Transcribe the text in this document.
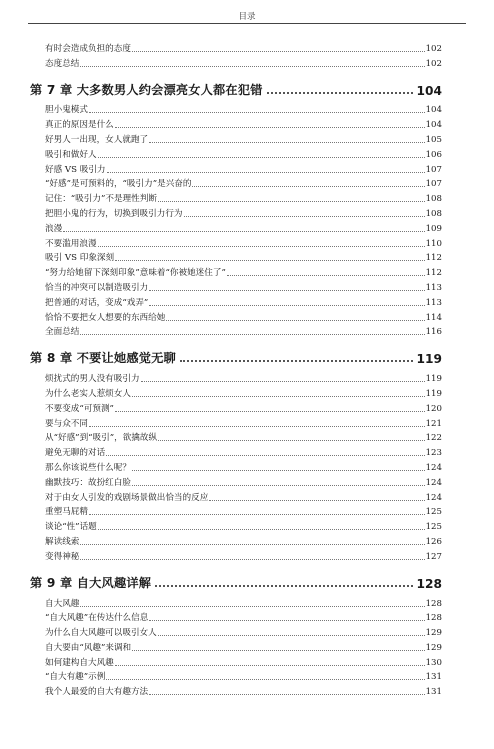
目录
有时会造成负担的态度	102
态度总结	102
第 7 章 大多数男人约会漂亮女人都在犯错	104
胆小鬼模式	104
真正的原因是什么	104
好男人一出现，女人就跑了	105
吸引和做好人	106
好感 VS 吸引力	107
“好感”是可预料的，“吸引力”是兴奋的	107
记住：“吸引力”不是理性判断	108
把胆小鬼的行为，切换到吸引力行为	108
浪漫	109
不要滥用浪漫	110
吸引 VS 印象深刻	112
“努力给她留下深刻印象”意味着“你被她迷住了”	112
恰当的冲突可以制造吸引力	113
把普通的对话，变成“戏弄”	113
恰恰不要把女人想要的东西给她	114
全面总结	116
第 8 章 不要让她感觉无聊	119
烦扰式的男人没有吸引力	119
为什么老实人惹烦女人	119
不要变成“可预测”	120
要与众不同	121
从“好感”到“吸引”，欲擒故纵	122
避免无聊的对话	123
那么你该说些什么呢？	124
幽默技巧：故扮红白脸	124
对于由女人引发的戏剧场景做出恰当的反应	124
重塑马屁精	125
谈论“性”话题	125
解读线索	126
变得神秘	127
第 9 章 自大风趣详解	128
自大风趣	128
“自大风趣”在传达什么信息	128
为什么自大风趣可以吸引女人	129
自大要由“风趣”来调和	129
如何建构自大风趣	130
“自大有趣”示例	131
我个人最爱的自大有趣方法	131
